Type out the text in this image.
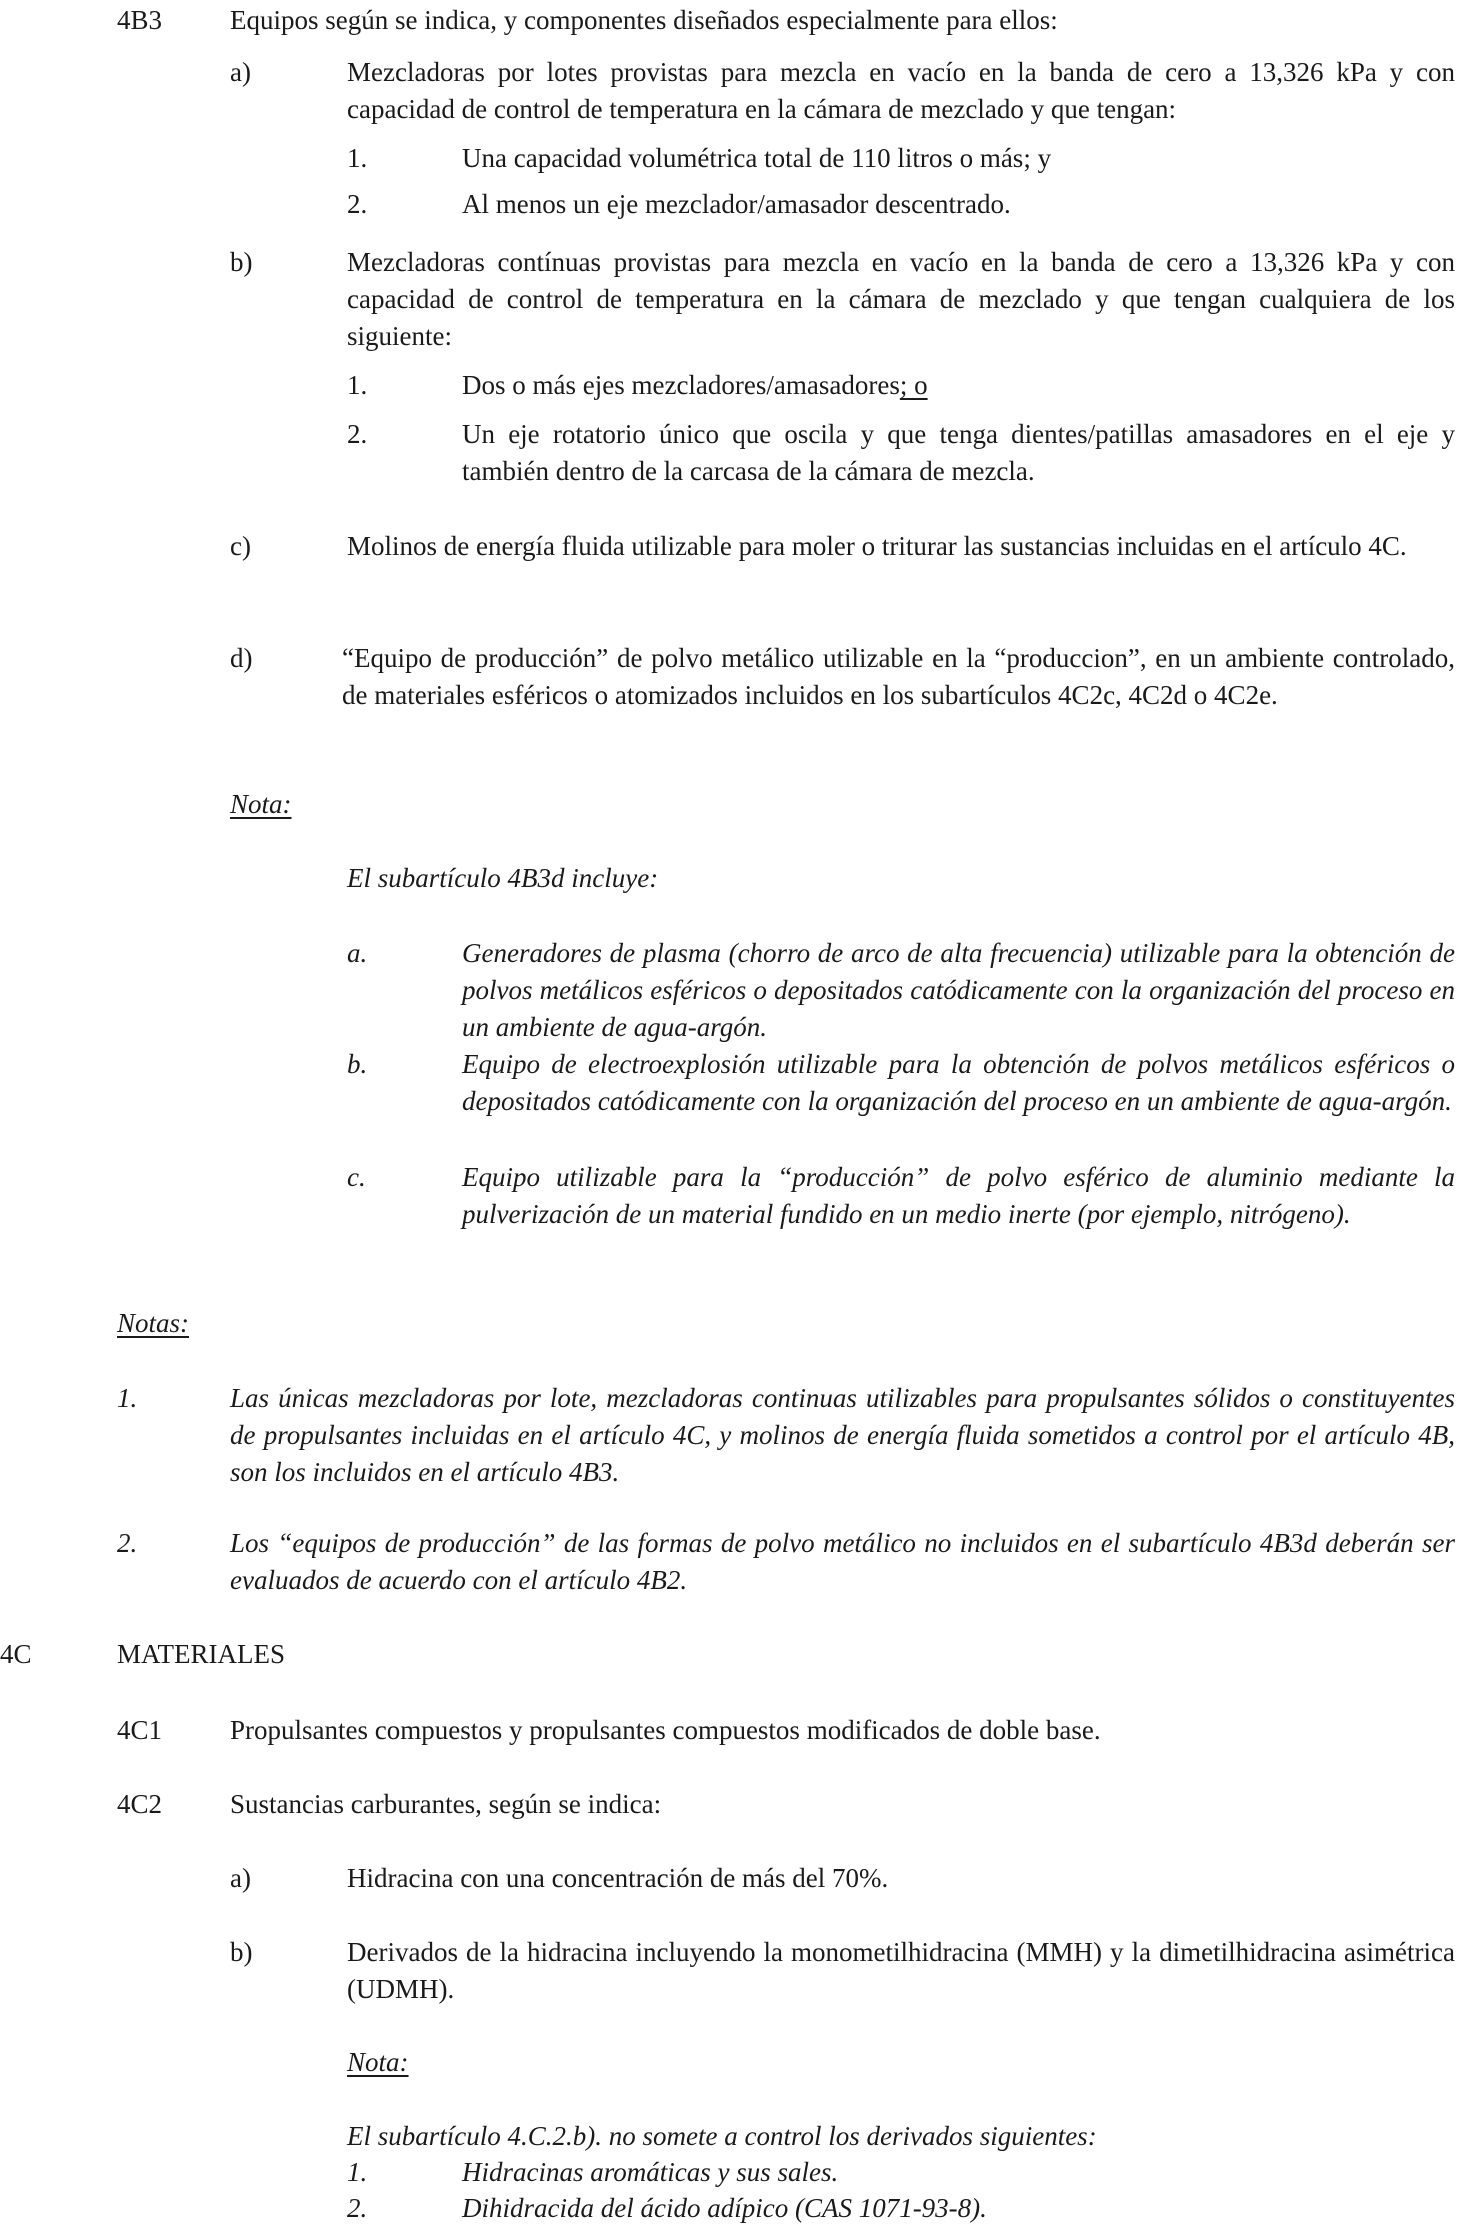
4B3	Equipos según se indica, y componentes diseñados especialmente para ellos:
a)	Mezcladoras por lotes provistas para mezcla en vacío en la banda de cero a 13,326 kPa y con capacidad de control de temperatura en la cámara de mezclado y que tengan:
1.	Una capacidad volumétrica total de 110 litros o más; y
2.	Al menos un eje mezclador/amasador descentrado.
b)	Mezcladoras contínuas provistas para mezcla en vacío en la banda de cero a 13,326 kPa y con capacidad de control de temperatura en la cámara de mezclado y que tengan cualquiera de los siguiente:
1.	Dos o más ejes mezcladores/amasadores; o
2.	Un eje rotatorio único que oscila y que tenga dientes/patillas amasadores en el eje y también dentro de la carcasa de la cámara de mezcla.
c)	Molinos de energía fluida utilizable para moler o triturar las sustancias incluidas en el artículo 4C.
d)	“Equipo de producción” de polvo metálico utilizable en la “produccion”, en un ambiente controlado, de materiales esféricos o atomizados incluidos en los subartículos 4C2c, 4C2d o 4C2e.
Nota:
El subartículo 4B3d incluye:
a.	Generadores de plasma (chorro de arco de alta frecuencia) utilizable para la obtención de polvos metálicos esféricos o depositados catódicamente con la organización del proceso en un ambiente de agua-argón.
b.	Equipo de electroexplosión utilizable para la obtención de polvos metálicos esféricos o depositados catódicamente con la organización del proceso en un ambiente de agua-argón.
c.	Equipo utilizable para la “producción” de polvo esférico de aluminio mediante la pulverización de un material fundido en un medio inerte (por ejemplo, nitrógeno).
Notas:
1.	Las únicas mezcladoras por lote, mezcladoras continuas utilizables para propulsantes sólidos o constituyentes de propulsantes incluidas en el artículo 4C, y molinos de energía fluida sometidos a control por el artículo 4B, son los incluidos en el artículo 4B3.
2.	Los “equipos de producción” de las formas de polvo metálico no incluidos en el subartículo 4B3d deberán ser evaluados de acuerdo con el artículo 4B2.
4C	MATERIALES
4C1	Propulsantes compuestos y propulsantes compuestos modificados de doble base.
4C2	Sustancias carburantes, según se indica:
a)	Hidracina con una concentración de más del 70%.
b)	Derivados de la hidracina incluyendo la monometilhidracina (MMH) y la dimetilhidracina asimétrica (UDMH).
Nota:
El subartículo 4.C.2.b). no somete a control los derivados siguientes:
1.	Hidracinas aromáticas y sus sales.
2.	Dihidracida del ácido adípico (CAS 1071-93-8).
